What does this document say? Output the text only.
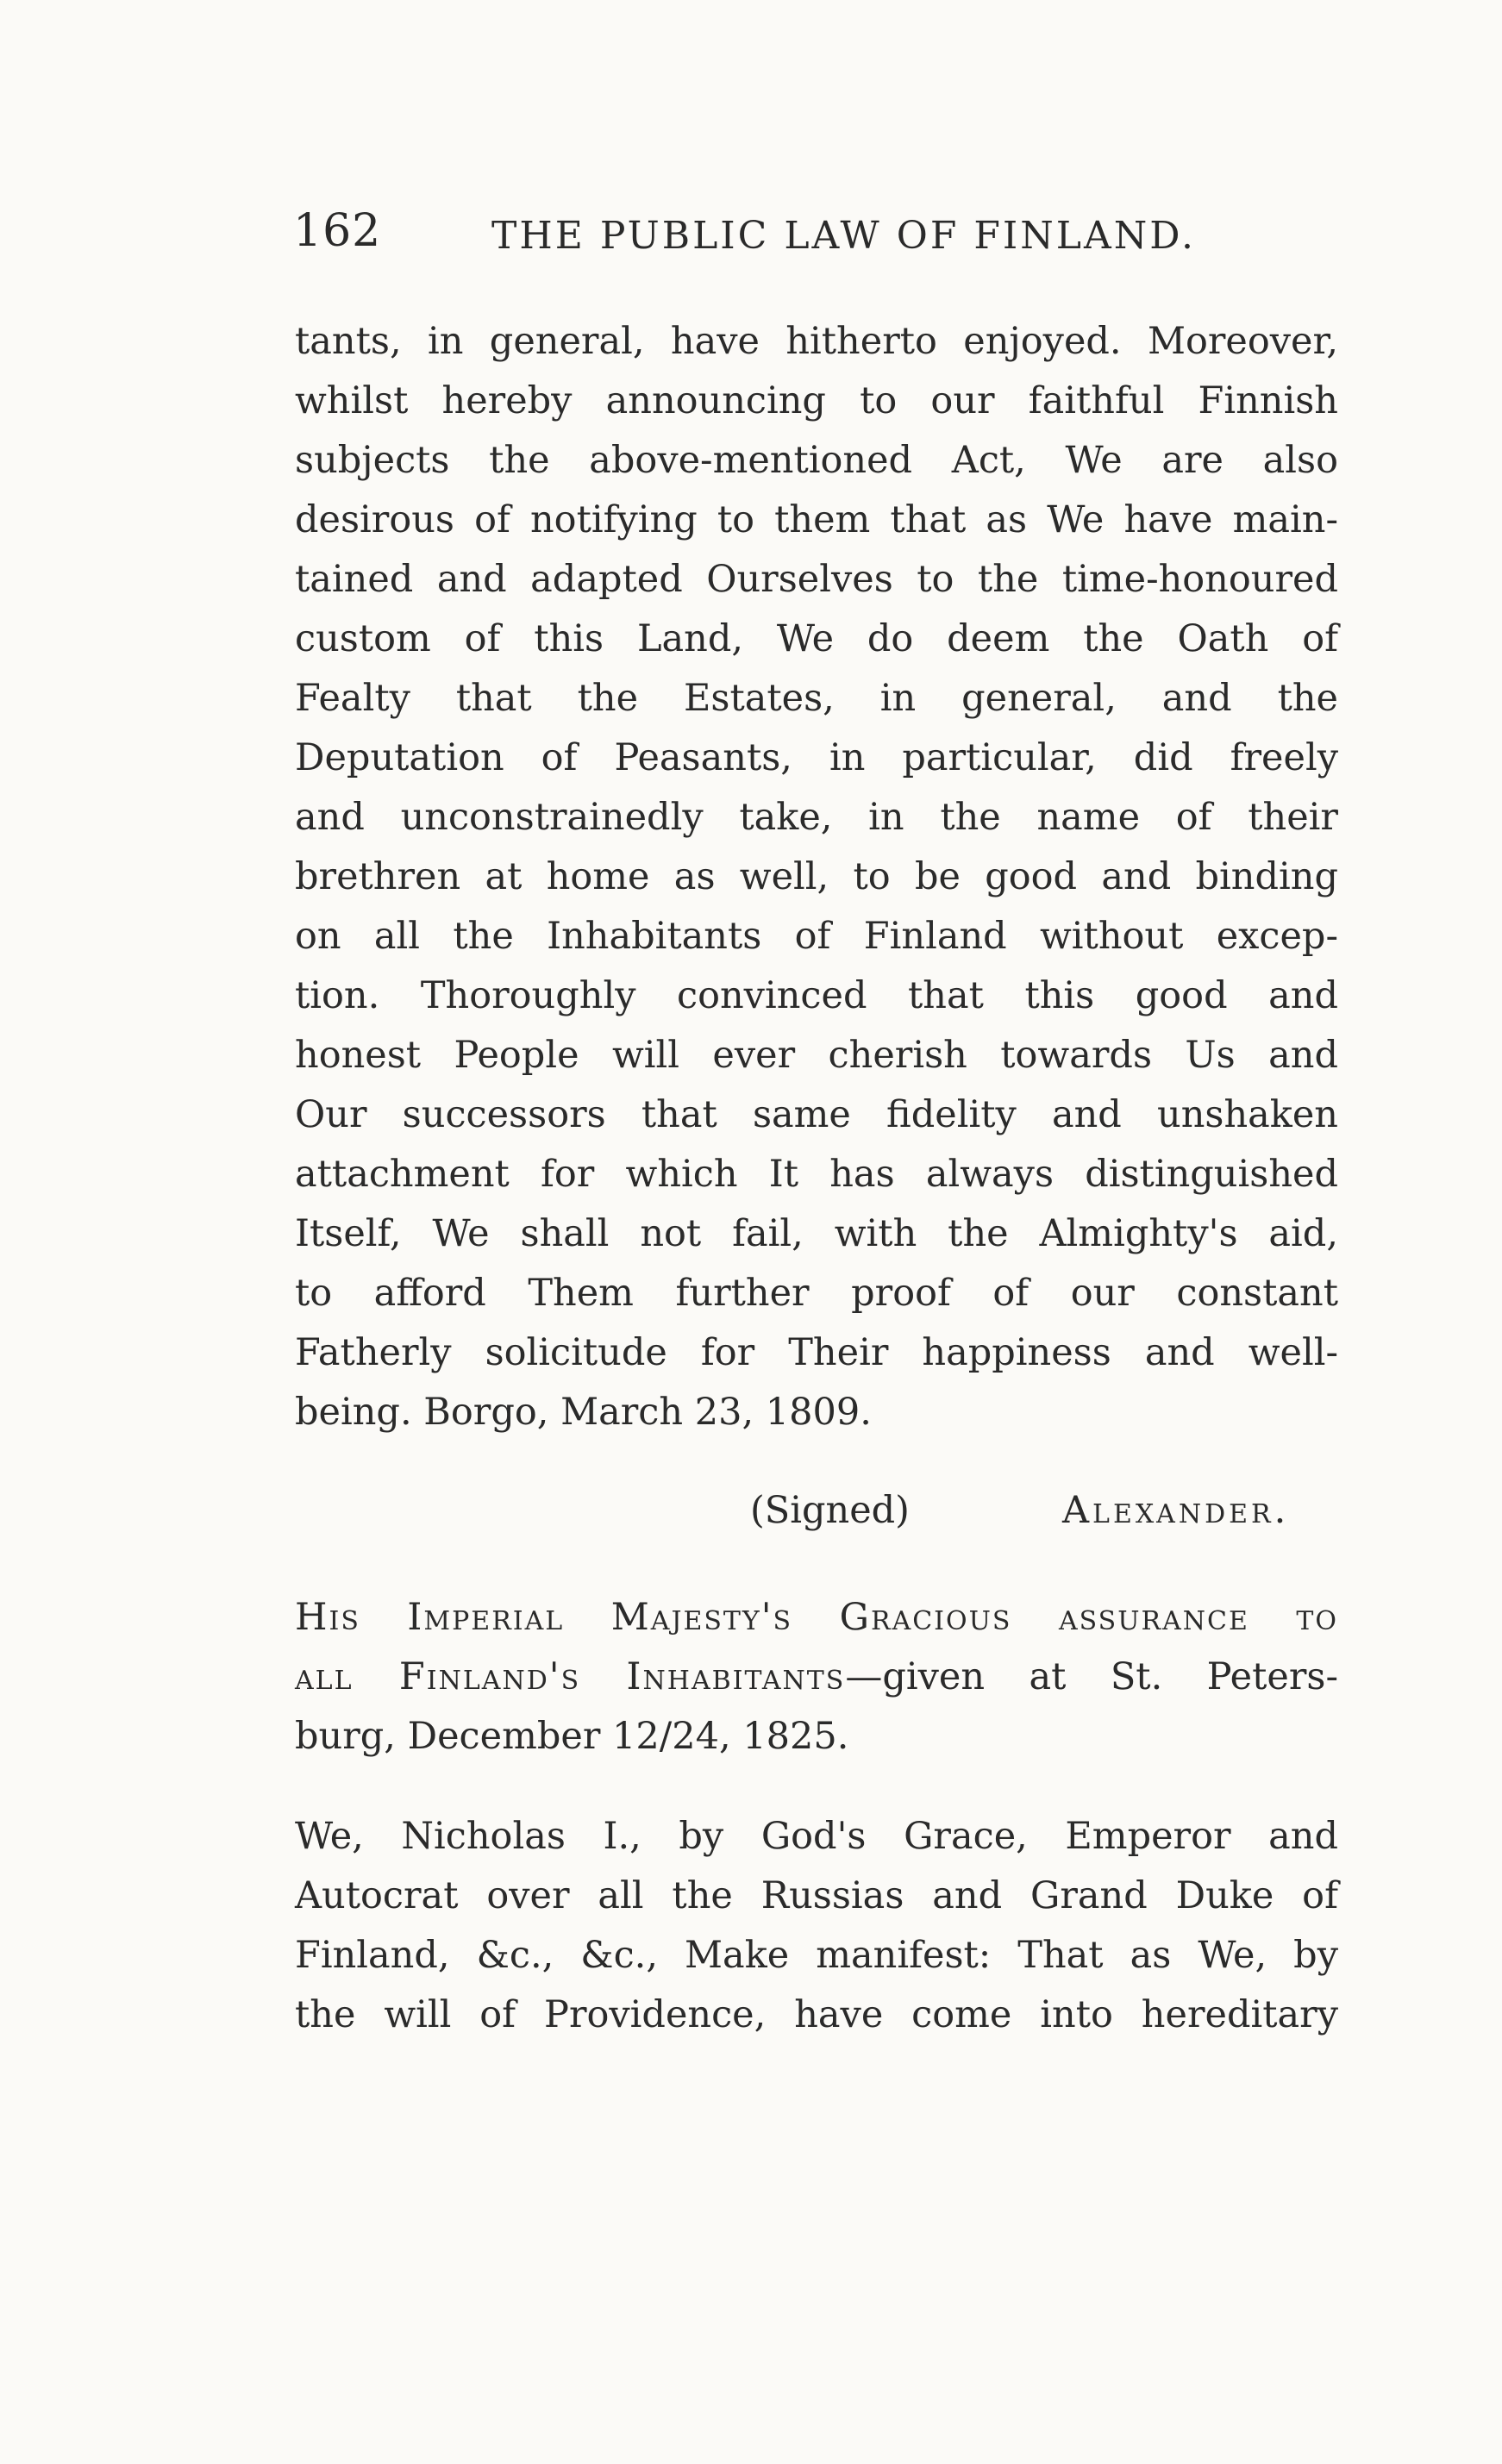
162	THE PUBLIC LAW OF FINLAND.
tants, in general, have hitherto enjoyed. Moreover,
whilst hereby announcing to our faithful Finnish
subjects the above-mentioned Act, We are also
desirous of notifying to them that as We have main-
tained and adapted Ourselves to the time-honoured
custom of this Land, We do deem the Oath of
Fealty that the Estates, in general, and the
Deputation of Peasants, in particular, did freely
and unconstrainedly take, in the name of their
brethren at home as well, to be good and binding
on all the Inhabitants of Finland without excep-
tion. Thoroughly convinced that this good and
honest People will ever cherish towards Us and
Our successors that same fidelity and unshaken
attachment for which It has always distinguished
Itself, We shall not fail, with the Almighty's aid,
to afford Them further proof of our constant
Fatherly solicitude for Their happiness and well-
being. Borgo, March 23, 1809.
(Signed)	Alexander.
His Imperial Majesty's Gracious assurance to
all Finland's Inhabitants—given at St. Peters-
burg, December 12/24, 1825.
We, Nicholas I., by God's Grace, Emperor and
Autocrat over all the Russias and Grand Duke of
Finland, &c., &c., Make manifest: That as We, by
the will of Providence, have come into hereditary
